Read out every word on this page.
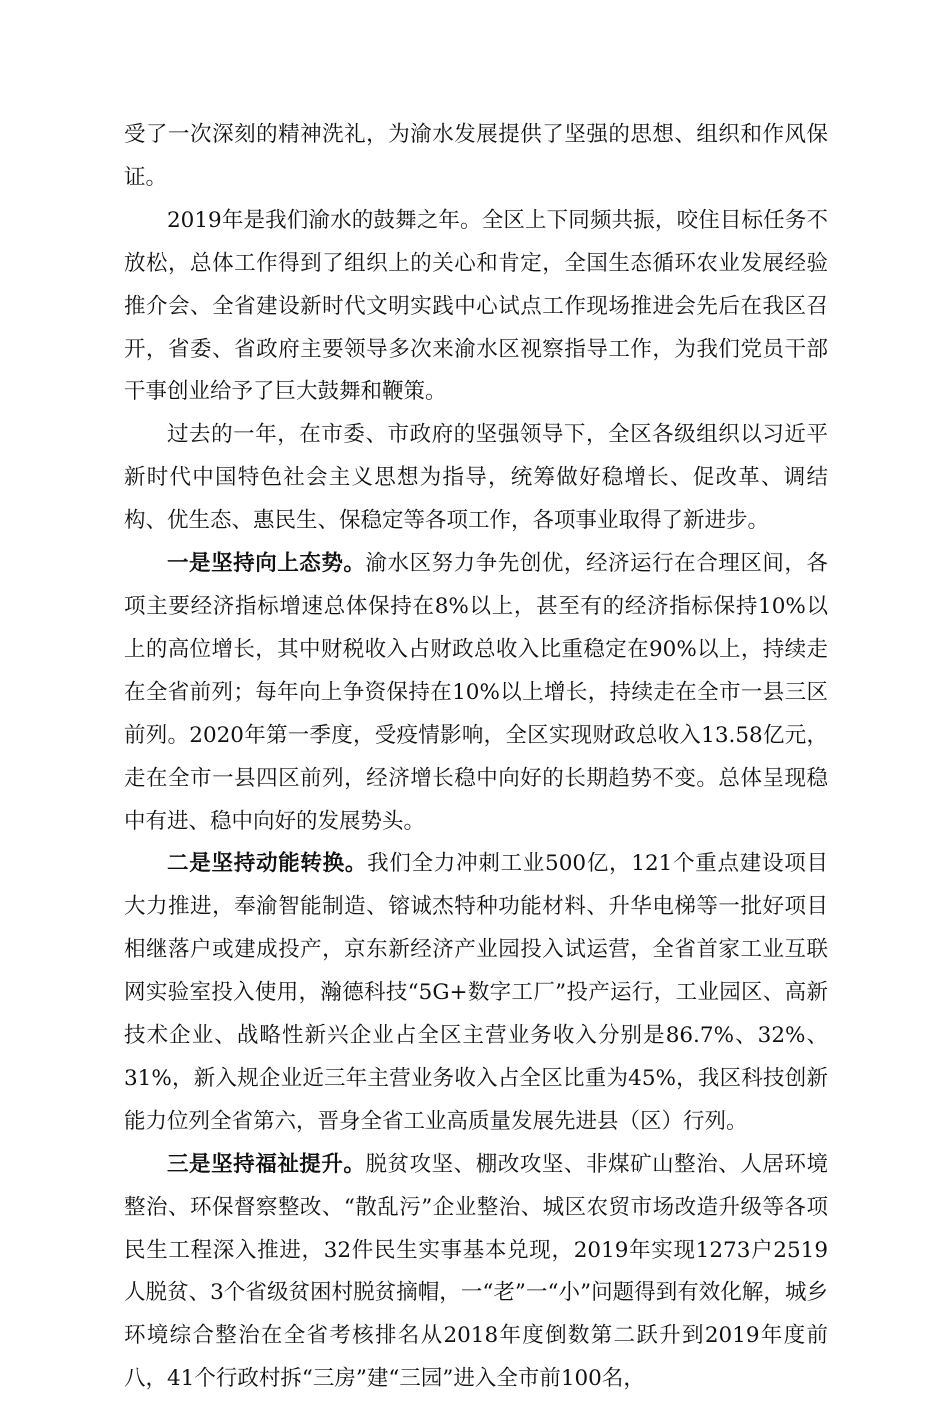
受了一次深刻的精神洗礼，为渝水发展提供了坚强的思想、组织和作风保证。

2019年是我们渝水的鼓舞之年。全区上下同频共振，咬住目标任务不放松，总体工作得到了组织上的关心和肯定，全国生态循环农业发展经验推介会、全省建设新时代文明实践中心试点工作现场推进会先后在我区召开，省委、省政府主要领导多次来渝水区视察指导工作，为我们党员干部干事创业给予了巨大鼓舞和鞭策。

过去的一年，在市委、市政府的坚强领导下，全区各级组织以习近平新时代中国特色社会主义思想为指导，统筹做好稳增长、促改革、调结构、优生态、惠民生、保稳定等各项工作，各项事业取得了新进步。

一是坚持向上态势。渝水区努力争先创优，经济运行在合理区间，各项主要经济指标增速总体保持在8%以上，甚至有的经济指标保持10%以上的高位增长，其中财税收入占财政总收入比重稳定在90%以上，持续走在全省前列；每年向上争资保持在10%以上增长，持续走在全市一县三区前列。2020年第一季度，受疫情影响，全区实现财政总收入13.58亿元，走在全市一县四区前列，经济增长稳中向好的长期趋势不变。总体呈现稳中有进、稳中向好的发展势头。

二是坚持动能转换。我们全力冲刺工业500亿，121个重点建设项目大力推进，奉渝智能制造、镕诚杰特种功能材料、升华电梯等一批好项目相继落户或建成投产，京东新经济产业园投入试运营，全省首家工业互联网实验室投入使用，瀚德科技“5G+数字工厂”投产运行，工业园区、高新技术企业、战略性新兴企业占全区主营业务收入分别是86.7%、32%、31%，新入规企业近三年主营业务收入占全区比重为45%，我区科技创新能力位列全省第六，晋身全省工业高质量发展先进县（区）行列。

三是坚持福祉提升。脱贫攻坚、棚改攻坚、非煤矿山整治、人居环境整治、环保督察整改、“散乱污”企业整治、城区农贸市场改造升级等各项民生工程深入推进，32件民生实事基本兑现，2019年实现1273户2519人脱贫、3个省级贫困村脱贫摘帽，一“老”一“小”问题得到有效化解，城乡环境综合整治在全省考核排名从2018年度倒数第二跃升到2019年度前八，41个行政村拆“三房”建“三园”进入全市前100名，
